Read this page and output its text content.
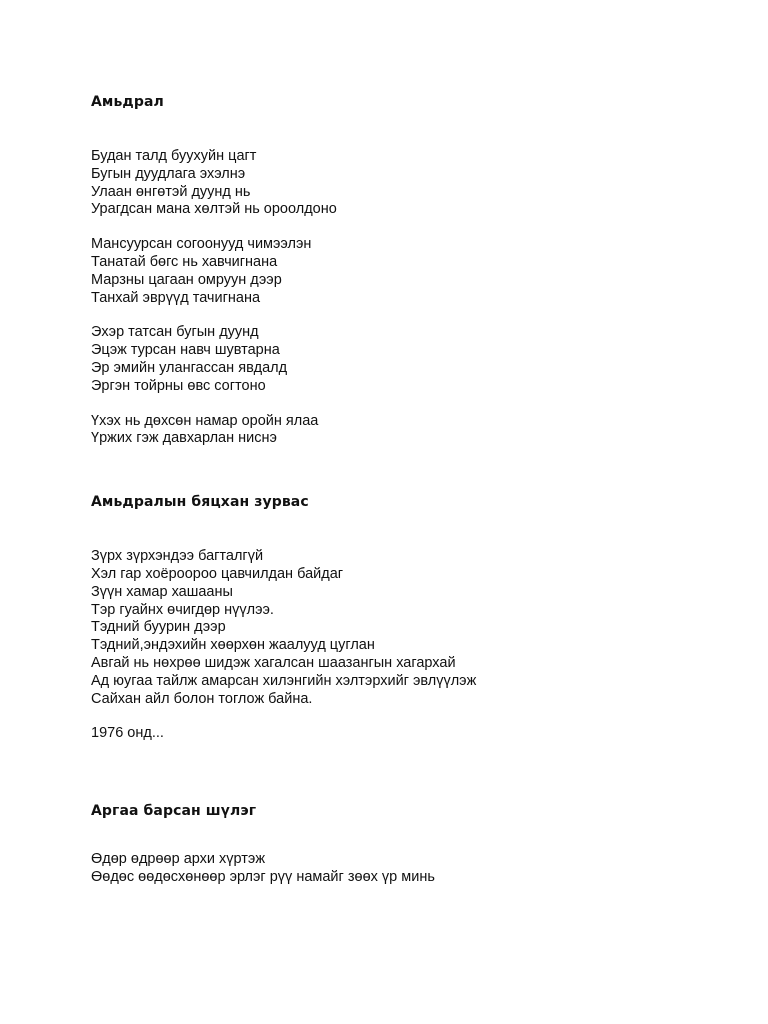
Амьдрал

Будан талд буухуйн цагт

Бугын дуудлага эхэлнэ

Улаан өнгөтэй дуунд нь

Урагдсан мана хөлтэй нь ороолдоно

Мансуурсан согоонууд чимээлэн

Танатай бөгс нь хавчигнана

Марзны цагаан омруун дээр

Танхай эврүүд тачигнана

Эхэр татсан бугын дуунд

Эцэж турсан навч шувтарна

Эр эмийн улангассан явдалд

Эргэн тойрны өвс согтоно

Үхэх нь дөхсөн намар оройн ялаа

Үржих гэж давхарлан ниснэ

Амьдралын бяцхан зурвас

Зүрх зүрхэндээ багталгүй

Хэл гар хоёроороо цавчилдан байдаг

Зүүн хамар хашааны

Тэр гуайнх өчигдөр нүүлээ.

Тэдний буурин дээр

Тэдний,эндэхийн хөөрхөн жаалууд цуглан

Авгай нь нөхрөө шидэж хагалсан шаазангын хагархай

Ад юугаа тайлж амарсан хилэнгийн хэлтэрхийг эвлүүлэж

Сайхан айл болон тоглож байна.

1976 онд...

Аргаа барсан шүлэг

Өдөр өдрөөр архи хүртэж

Өөдөс өөдөсхөнөөр эрлэг рүү намайг зөөх үр минь
